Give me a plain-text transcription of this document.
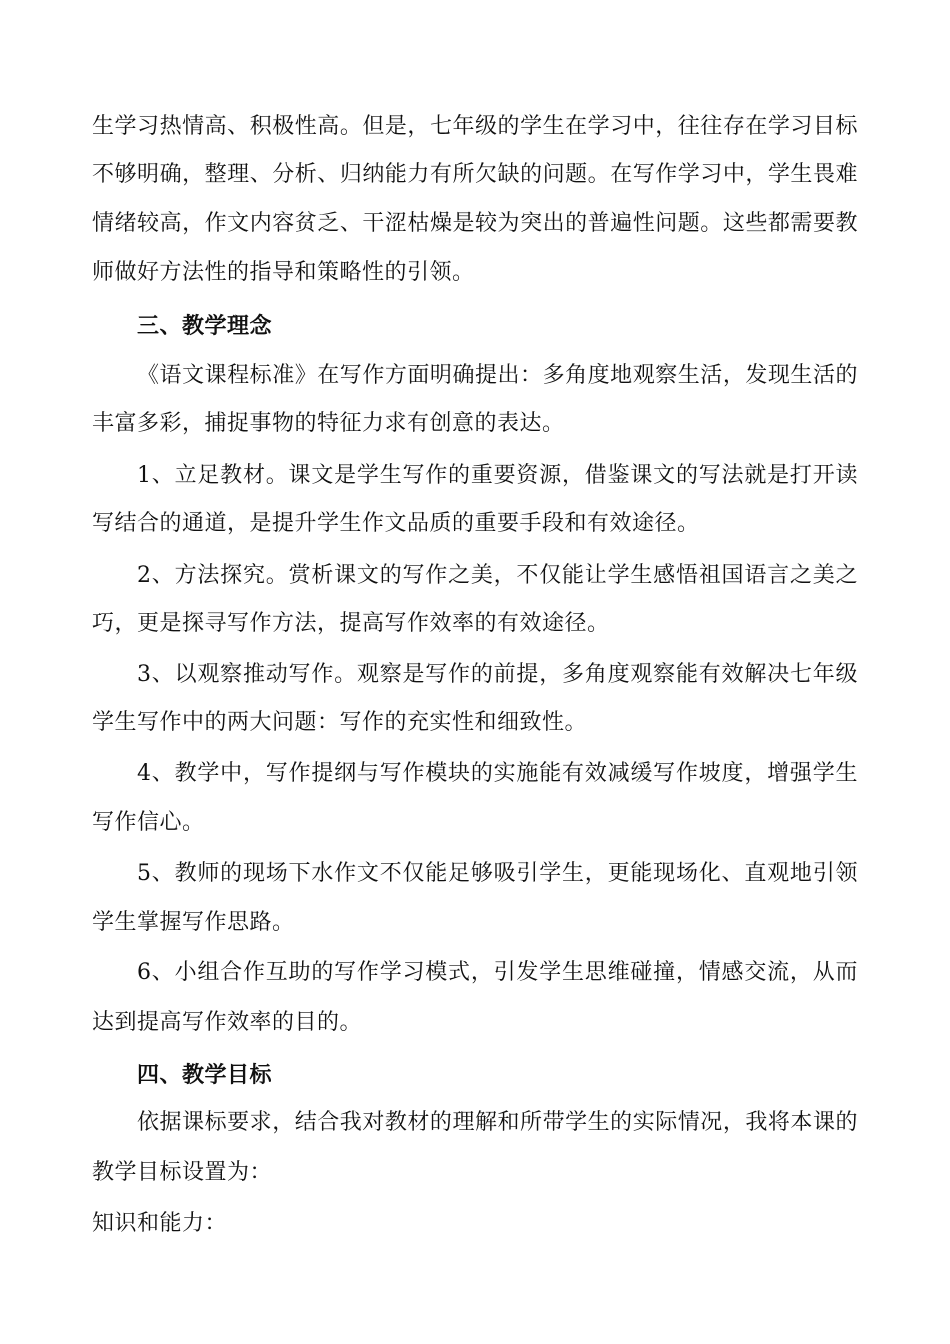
生学习热情高、积极性高。但是，七年级的学生在学习中，往往存在学习目标
不够明确，整理、分析、归纳能力有所欠缺的问题。在写作学习中，学生畏难
情绪较高，作文内容贫乏、干涩枯燥是较为突出的普遍性问题。这些都需要教
师做好方法性的指导和策略性的引领。
三、教学理念
《语文课程标准》在写作方面明确提出：多角度地观察生活，发现生活的
丰富多彩，捕捉事物的特征力求有创意的表达。
1、立足教材。课文是学生写作的重要资源，借鉴课文的写法就是打开读
写结合的通道，是提升学生作文品质的重要手段和有效途径。
2、方法探究。赏析课文的写作之美，不仅能让学生感悟祖国语言之美之
巧，更是探寻写作方法，提高写作效率的有效途径。
3、以观察推动写作。观察是写作的前提，多角度观察能有效解决七年级
学生写作中的两大问题：写作的充实性和细致性。
4、教学中，写作提纲与写作模块的实施能有效减缓写作坡度，增强学生
写作信心。
5、教师的现场下水作文不仅能足够吸引学生，更能现场化、直观地引领
学生掌握写作思路。
6、小组合作互助的写作学习模式，引发学生思维碰撞，情感交流，从而
达到提高写作效率的目的。
四、教学目标
依据课标要求，结合我对教材的理解和所带学生的实际情况，我将本课的
教学目标设置为：
知识和能力：
